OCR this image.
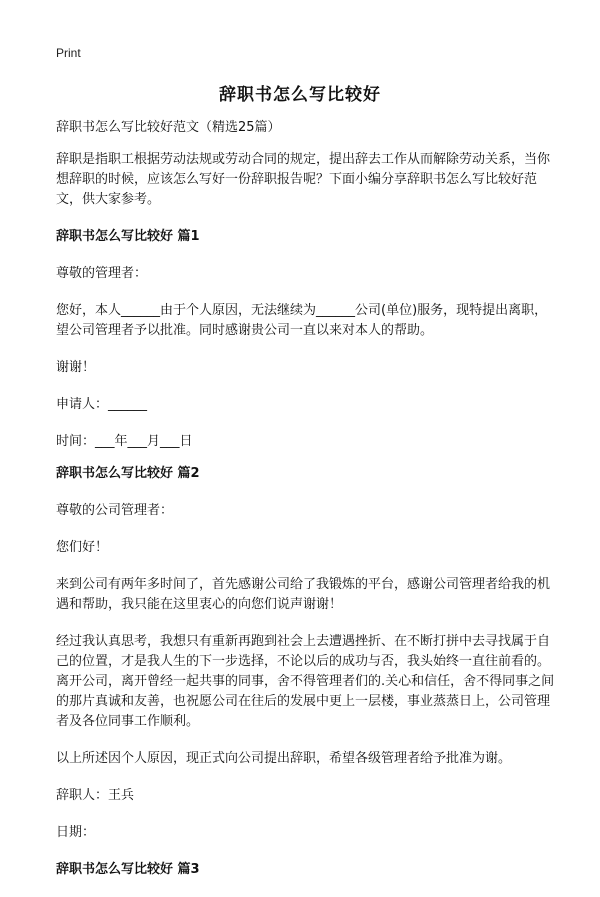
Print
辞职书怎么写比较好

辞职书怎么写比较好范文（精选25篇）

辞职是指职工根据劳动法规或劳动合同的规定，提出辞去工作从而解除劳动关系，当你想辞职的时候，应该怎么写好一份辞职报告呢？下面小编分享辞职书怎么写比较好范文，供大家参考。

辞职书怎么写比较好 篇1

尊敬的管理者：

您好，本人______由于个人原因，无法继续为______公司(单位)服务，现特提出离职，望公司管理者予以批准。同时感谢贵公司一直以来对本人的帮助。

谢谢！

申请人：______

时间：___年___月___日

辞职书怎么写比较好 篇2

尊敬的公司管理者：

您们好！

来到公司有两年多时间了，首先感谢公司给了我锻炼的平台，感谢公司管理者给我的机遇和帮助，我只能在这里衷心的向您们说声谢谢！

经过我认真思考，我想只有重新再跑到社会上去遭遇挫折、在不断打拼中去寻找属于自己的位置，才是我人生的下一步选择，不论以后的成功与否，我头始终一直往前看的。离开公司，离开曾经一起共事的同事，舍不得管理者们的.关心和信任，舍不得同事之间的那片真诚和友善，也祝愿公司在往后的发展中更上一层楼，事业蒸蒸日上，公司管理者及各位同事工作顺利。

以上所述因个人原因，现正式向公司提出辞职，希望各级管理者给予批准为谢。

辞职人：王兵

日期：

辞职书怎么写比较好 篇3
